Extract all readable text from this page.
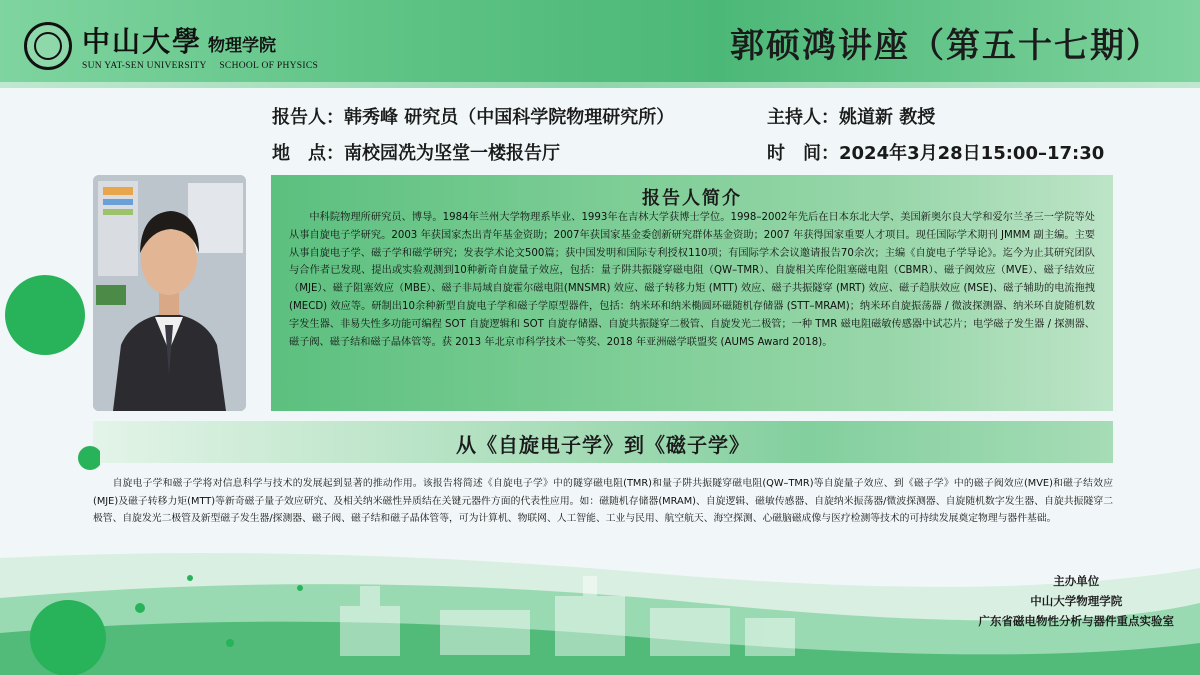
中山大學 物理学院
SUN YAT-SEN UNIVERSITY SCHOOL OF PHYSICS	郭硕鸿讲座（第五十七期）
报告人：韩秀峰 研究员（中国科学院物理研究所）	主持人：姚道新 教授
地　点：南校园冼为坚堂一楼报告厅	时　间：2024年3月28日15:00–17:30
报告人简介
中科院物理所研究员、博导。1984年兰州大学物理系毕业、1993年在吉林大学获博士学位。1998–2002年先后在日本东北大学、美国新奥尔良大学和爱尔兰圣三一学院等处从事自旋电子学研究。2003 年获国家杰出青年基金资助；2007年获国家基金委创新研究群体基金资助；2007 年获得国家重要人才项目。现任国际学术期刊 JMMM 副主编。主要从事自旋电子学、磁子学和磁学研究；发表学术论文500篇；获中国发明和国际专利授权110项；有国际学术会议邀请报告70余次；主编《自旋电子学导论》。迄今为止其研究团队与合作者已发现、提出或实验观测到10种新奇自旋量子效应，包括：量子阱共振隧穿磁电阻（QW–TMR）、自旋相关库伦阻塞磁电阻（CBMR）、磁子阀效应（MVE）、磁子结效应（MJE）、磁子阻塞效应（MBE）、磁子非局域自旋霍尔磁电阻(MNSMR) 效应、磁子转移力矩 (MTT) 效应、磁子共振隧穿 (MRT) 效应、磁子趋肤效应 (MSE)、磁子辅助的电流拖拽 (MECD) 效应等。研制出10余种新型自旋电子学和磁子学原型器件，包括：纳米环和纳米椭圆环磁随机存储器 (STT–MRAM)；纳米环自旋振荡器 / 微波探测器、纳米环自旋随机数字发生器、非易失性多功能可编程 SOT 自旋逻辑和 SOT 自旋存储器、自旋共振隧穿二极管、自旋发光二极管；一种 TMR 磁电阻磁敏传感器中试芯片；电学磁子发生器 / 探测器、磁子阀、磁子结和磁子晶体管等。获 2013 年北京市科学技术一等奖、2018 年亚洲磁学联盟奖 (AUMS Award 2018)。
从《自旋电子学》到《磁子学》
自旋电子学和磁子学将对信息科学与技术的发展起到显著的推动作用。该报告将简述《自旋电子学》中的隧穿磁电阻(TMR)和量子阱共振隧穿磁电阻(QW–TMR)等自旋量子效应、到《磁子学》中的磁子阀效应(MVE)和磁子结效应(MJE)及磁子转移力矩(MTT)等新奇磁子量子效应研究、及相关纳米磁性异质结在关键元器件方面的代表性应用。如：磁随机存储器(MRAM)、自旋逻辑、磁敏传感器、自旋纳米振荡器/微波探测器、自旋随机数字发生器、自旋共振隧穿二极管、自旋发光二极管及新型磁子发生器/探测器、磁子阀、磁子结和磁子晶体管等，可为计算机、物联网、人工智能、工业与民用、航空航天、海空探测、心磁脑磁成像与医疗检测等技术的可持续发展奠定物理与器件基础。
主办单位
中山大学物理学院
广东省磁电物性分析与器件重点实验室
